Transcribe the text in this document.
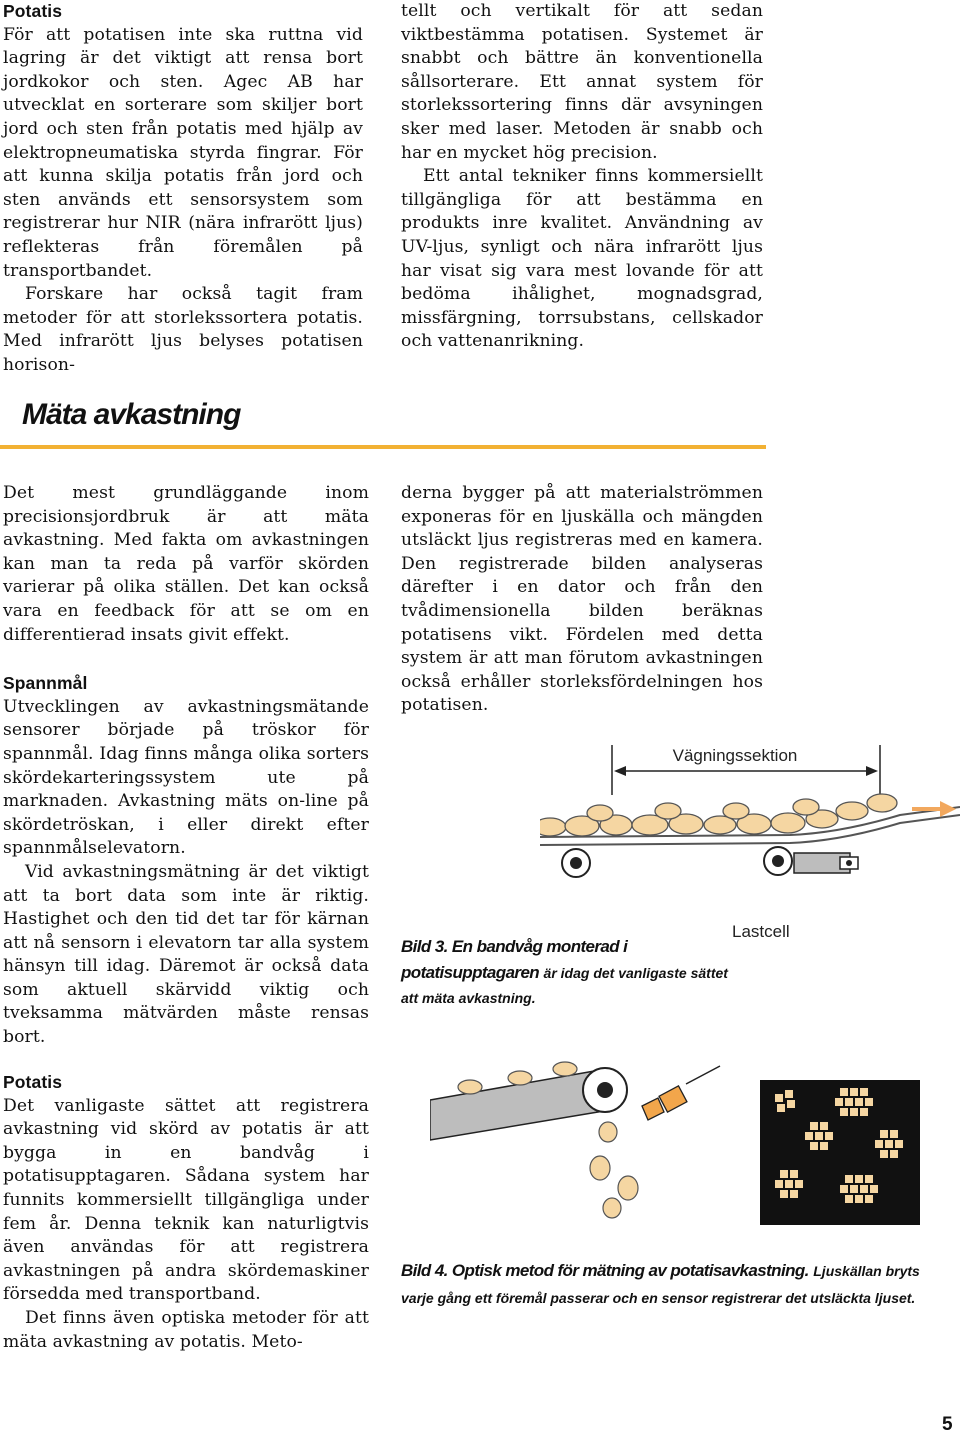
Potatis

För att potatisen inte ska ruttna vid lagring är det viktigt att rensa bort jordkokor och sten. Agec AB har utvecklat en sorterare som skiljer bort jord och sten från potatis med hjälp av elektropneumatiska styrda fingrar. För att kunna skilja potatis från jord och sten används ett sensorsystem som registrerar hur NIR (nära infrarött ljus) reflekteras från föremålen på transportbandet.

Forskare har också tagit fram metoder för att storlekssortera potatis. Med infrarött ljus belyses potatisen horison-

tellt och vertikalt för att sedan viktbestämma potatisen. Systemet är snabbt och bättre än konventionella sållsorterare. Ett annat system för storlekssortering finns där avsyningen sker med laser. Metoden är snabb och har en mycket hög precision.

Ett antal tekniker finns kommersiellt tillgängliga för att bestämma en produkts inre kvalitet. Användning av UV-ljus, synligt och nära infrarött ljus har visat sig vara mest lovande för att bedöma ihålighet, mognadsgrad, missfärgning, torrsubstans, cellskador och vattenanrikning.

Mäta avkastning

Det mest grundläggande inom precisionsjordbruk är att mäta avkastning. Med fakta om avkastningen kan man ta reda på varför skörden varierar på olika ställen. Det kan också vara en feedback för att se om en differentierad insats givit effekt.

Spannmål

Utvecklingen av avkastningsmätande sensorer började på tröskor för spannmål. Idag finns många olika sorters skördekarteringssystem ute på marknaden. Avkastning mäts on-line på skördetröskan, i eller direkt efter spannmålselevatorn.

Vid avkastningsmätning är det viktigt att ta bort data som inte är riktig. Hastighet och den tid det tar för kärnan att nå sensorn i elevatorn tar alla system hänsyn till idag. Däremot är också data som aktuell skärvidd viktig och tveksamma mätvärden måste rensas bort.

Potatis

Det vanligaste sättet att registrera avkastning vid skörd av potatis är att bygga in en bandvåg i potatisupptagaren. Sådana system har funnits kommersiellt tillgängliga under fem år. Denna teknik kan naturligtvis även användas för att registrera avkastningen på andra skördemaskiner försedda med transportband.

Det finns även optiska metoder för att mäta avkastning av potatis. Meto-

derna bygger på att materialströmmen exponeras för en ljuskälla och mängden utsläckt ljus registreras med en kamera. Den registrerade bilden analyseras därefter i en dator och från den tvådimensionella bilden beräknas potatisens vikt. Fördelen med detta system är att man förutom avkastningen också erhåller storleksfördelningen hos potatisen.

Vägningssektion
Lastcell
Bild 3. En bandvåg monterad i potatisupptagaren är idag det vanligaste sättet att mäta avkastning.
Bild 4. Optisk metod för mätning av potatisavkastning. Ljuskällan bryts varje gång ett föremål passerar och en sensor registrerar det utsläckta ljuset.
5
